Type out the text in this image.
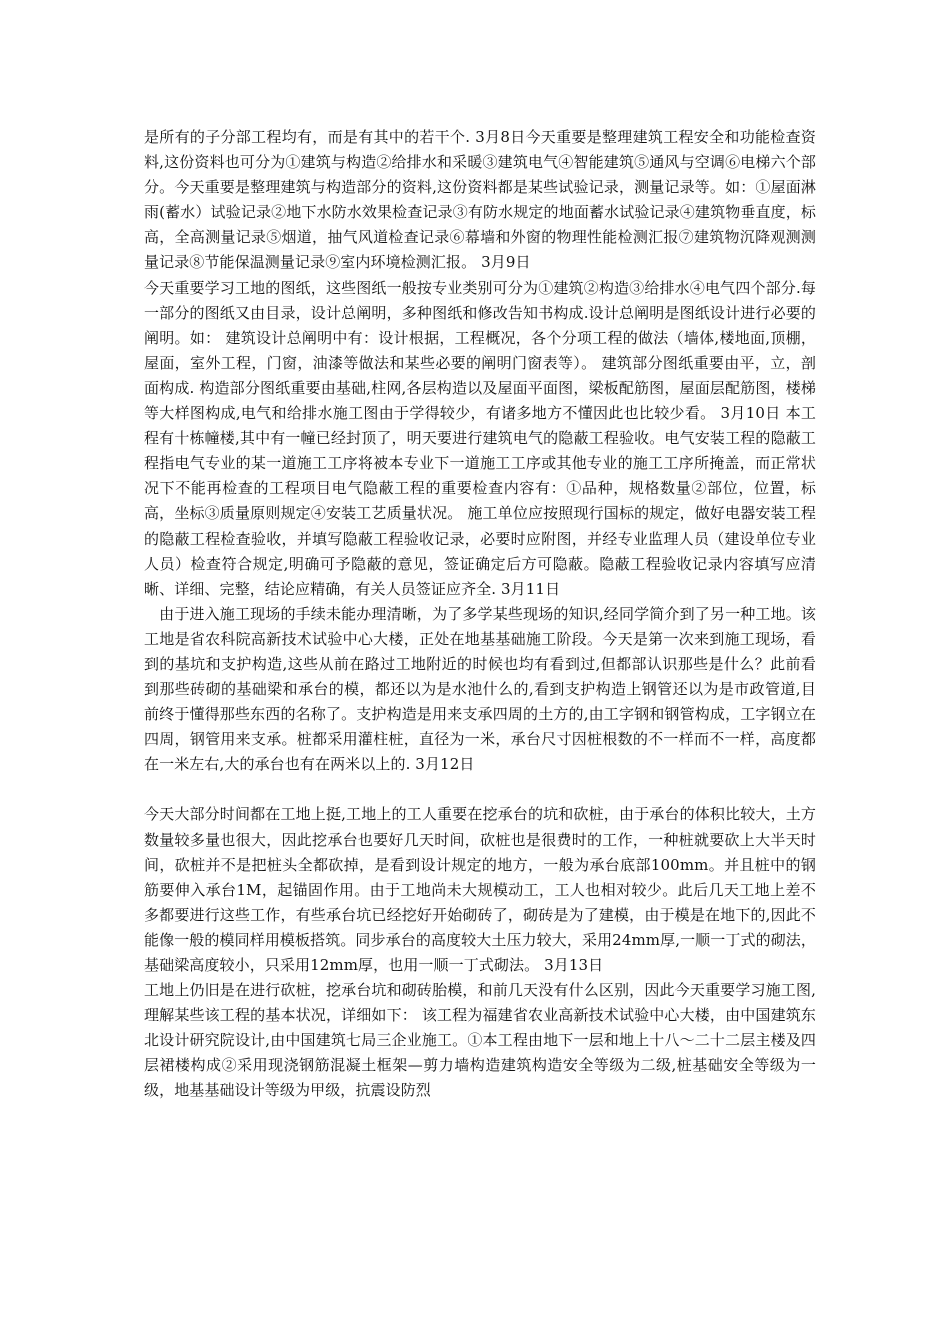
是所有的子分部工程均有，而是有其中的若干个. 3月8日今天重要是整理建筑工程安全和功能检查资料,这份资料也可分为①建筑与构造②给排水和采暖③建筑电气④智能建筑⑤通风与空调⑥电梯六个部分。今天重要是整理建筑与构造部分的资料,这份资料都是某些试验记录，测量记录等。如：①屋面淋雨(蓄水）试验记录②地下水防水效果检查记录③有防水规定的地面蓄水试验记录④建筑物垂直度，标高，全高测量记录⑤烟道，抽气风道检查记录⑥幕墙和外窗的物理性能检测汇报⑦建筑物沉降观测测量记录⑧节能保温测量记录⑨室内环境检测汇报。 3月9日

今天重要学习工地的图纸，这些图纸一般按专业类别可分为①建筑②构造③给排水④电气四个部分.每一部分的图纸又由目录，设计总阐明，多种图纸和修改告知书构成.设计总阐明是图纸设计进行必要的阐明。如： 建筑设计总阐明中有：设计根据，工程概况，各个分项工程的做法（墙体,楼地面,顶棚，屋面，室外工程，门窗，油漆等做法和某些必要的阐明门窗表等）。 建筑部分图纸重要由平，立，剖面构成. 构造部分图纸重要由基础,柱网,各层构造以及屋面平面图，梁板配筋图，屋面层配筋图，楼梯等大样图构成,电气和给排水施工图由于学得较少，有诸多地方不懂因此也比较少看。 3月10日 本工程有十栋幢楼,其中有一幢已经封顶了，明天要进行建筑电气的隐蔽工程验收。电气安装工程的隐蔽工程指电气专业的某一道施工工序将被本专业下一道施工工序或其他专业的施工工序所掩盖，而正常状况下不能再检查的工程项目电气隐蔽工程的重要检查内容有：①品种，规格数量②部位，位置，标高，坐标③质量原则规定④安装工艺质量状况。 施工单位应按照现行国标的规定，做好电器安装工程的隐蔽工程检查验收，并填写隐蔽工程验收记录，必要时应附图，并经专业监理人员（建设单位专业人员）检查符合规定,明确可予隐蔽的意见，签证确定后方可隐蔽。隐蔽工程验收记录内容填写应清晰、详细、完整，结论应精确，有关人员签证应齐全. 3月11日

　由于进入施工现场的手续未能办理清晰，为了多学某些现场的知识,经同学简介到了另一种工地。该工地是省农科院高新技术试验中心大楼，正处在地基基础施工阶段。今天是第一次来到施工现场，看到的基坑和支护构造,这些从前在路过工地附近的时候也均有看到过,但都部认识那些是什么？此前看到那些砖砌的基础梁和承台的模，都还以为是水池什么的,看到支护构造上钢管还以为是市政管道,目前终于懂得那些东西的名称了。支护构造是用来支承四周的土方的,由工字钢和钢管构成，工字钢立在四周，钢管用来支承。桩都采用灌柱桩，直径为一米，承台尺寸因桩根数的不一样而不一样，高度都在一米左右,大的承台也有在两米以上的. 3月12日

今天大部分时间都在工地上挺,工地上的工人重要在挖承台的坑和砍桩，由于承台的体积比较大，土方数量较多量也很大，因此挖承台也要好几天时间，砍桩也是很费时的工作，一种桩就要砍上大半天时间，砍桩并不是把桩头全都砍掉，是看到设计规定的地方，一般为承台底部100mm。并且桩中的钢筋要伸入承台1M，起锚固作用。由于工地尚未大规模动工，工人也相对较少。此后几天工地上差不多都要进行这些工作，有些承台坑已经挖好开始砌砖了，砌砖是为了建模，由于模是在地下的,因此不能像一般的模同样用模板搭筑。同步承台的高度较大土压力较大，采用24mm厚,一顺一丁式的砌法，基础梁高度较小，只采用12mm厚，也用一顺一丁式砌法。 3月13日

工地上仍旧是在进行砍桩，挖承台坑和砌砖胎模，和前几天没有什么区别，因此今天重要学习施工图,理解某些该工程的基本状况，详细如下： 该工程为福建省农业高新技术试验中心大楼，由中国建筑东北设计研究院设计,由中国建筑七局三企业施工。①本工程由地下一层和地上十八～二十二层主楼及四层裙楼构成②采用现浇钢筋混凝土框架—剪力墙构造建筑构造安全等级为二级,桩基础安全等级为一级，地基基础设计等级为甲级，抗震设防烈
